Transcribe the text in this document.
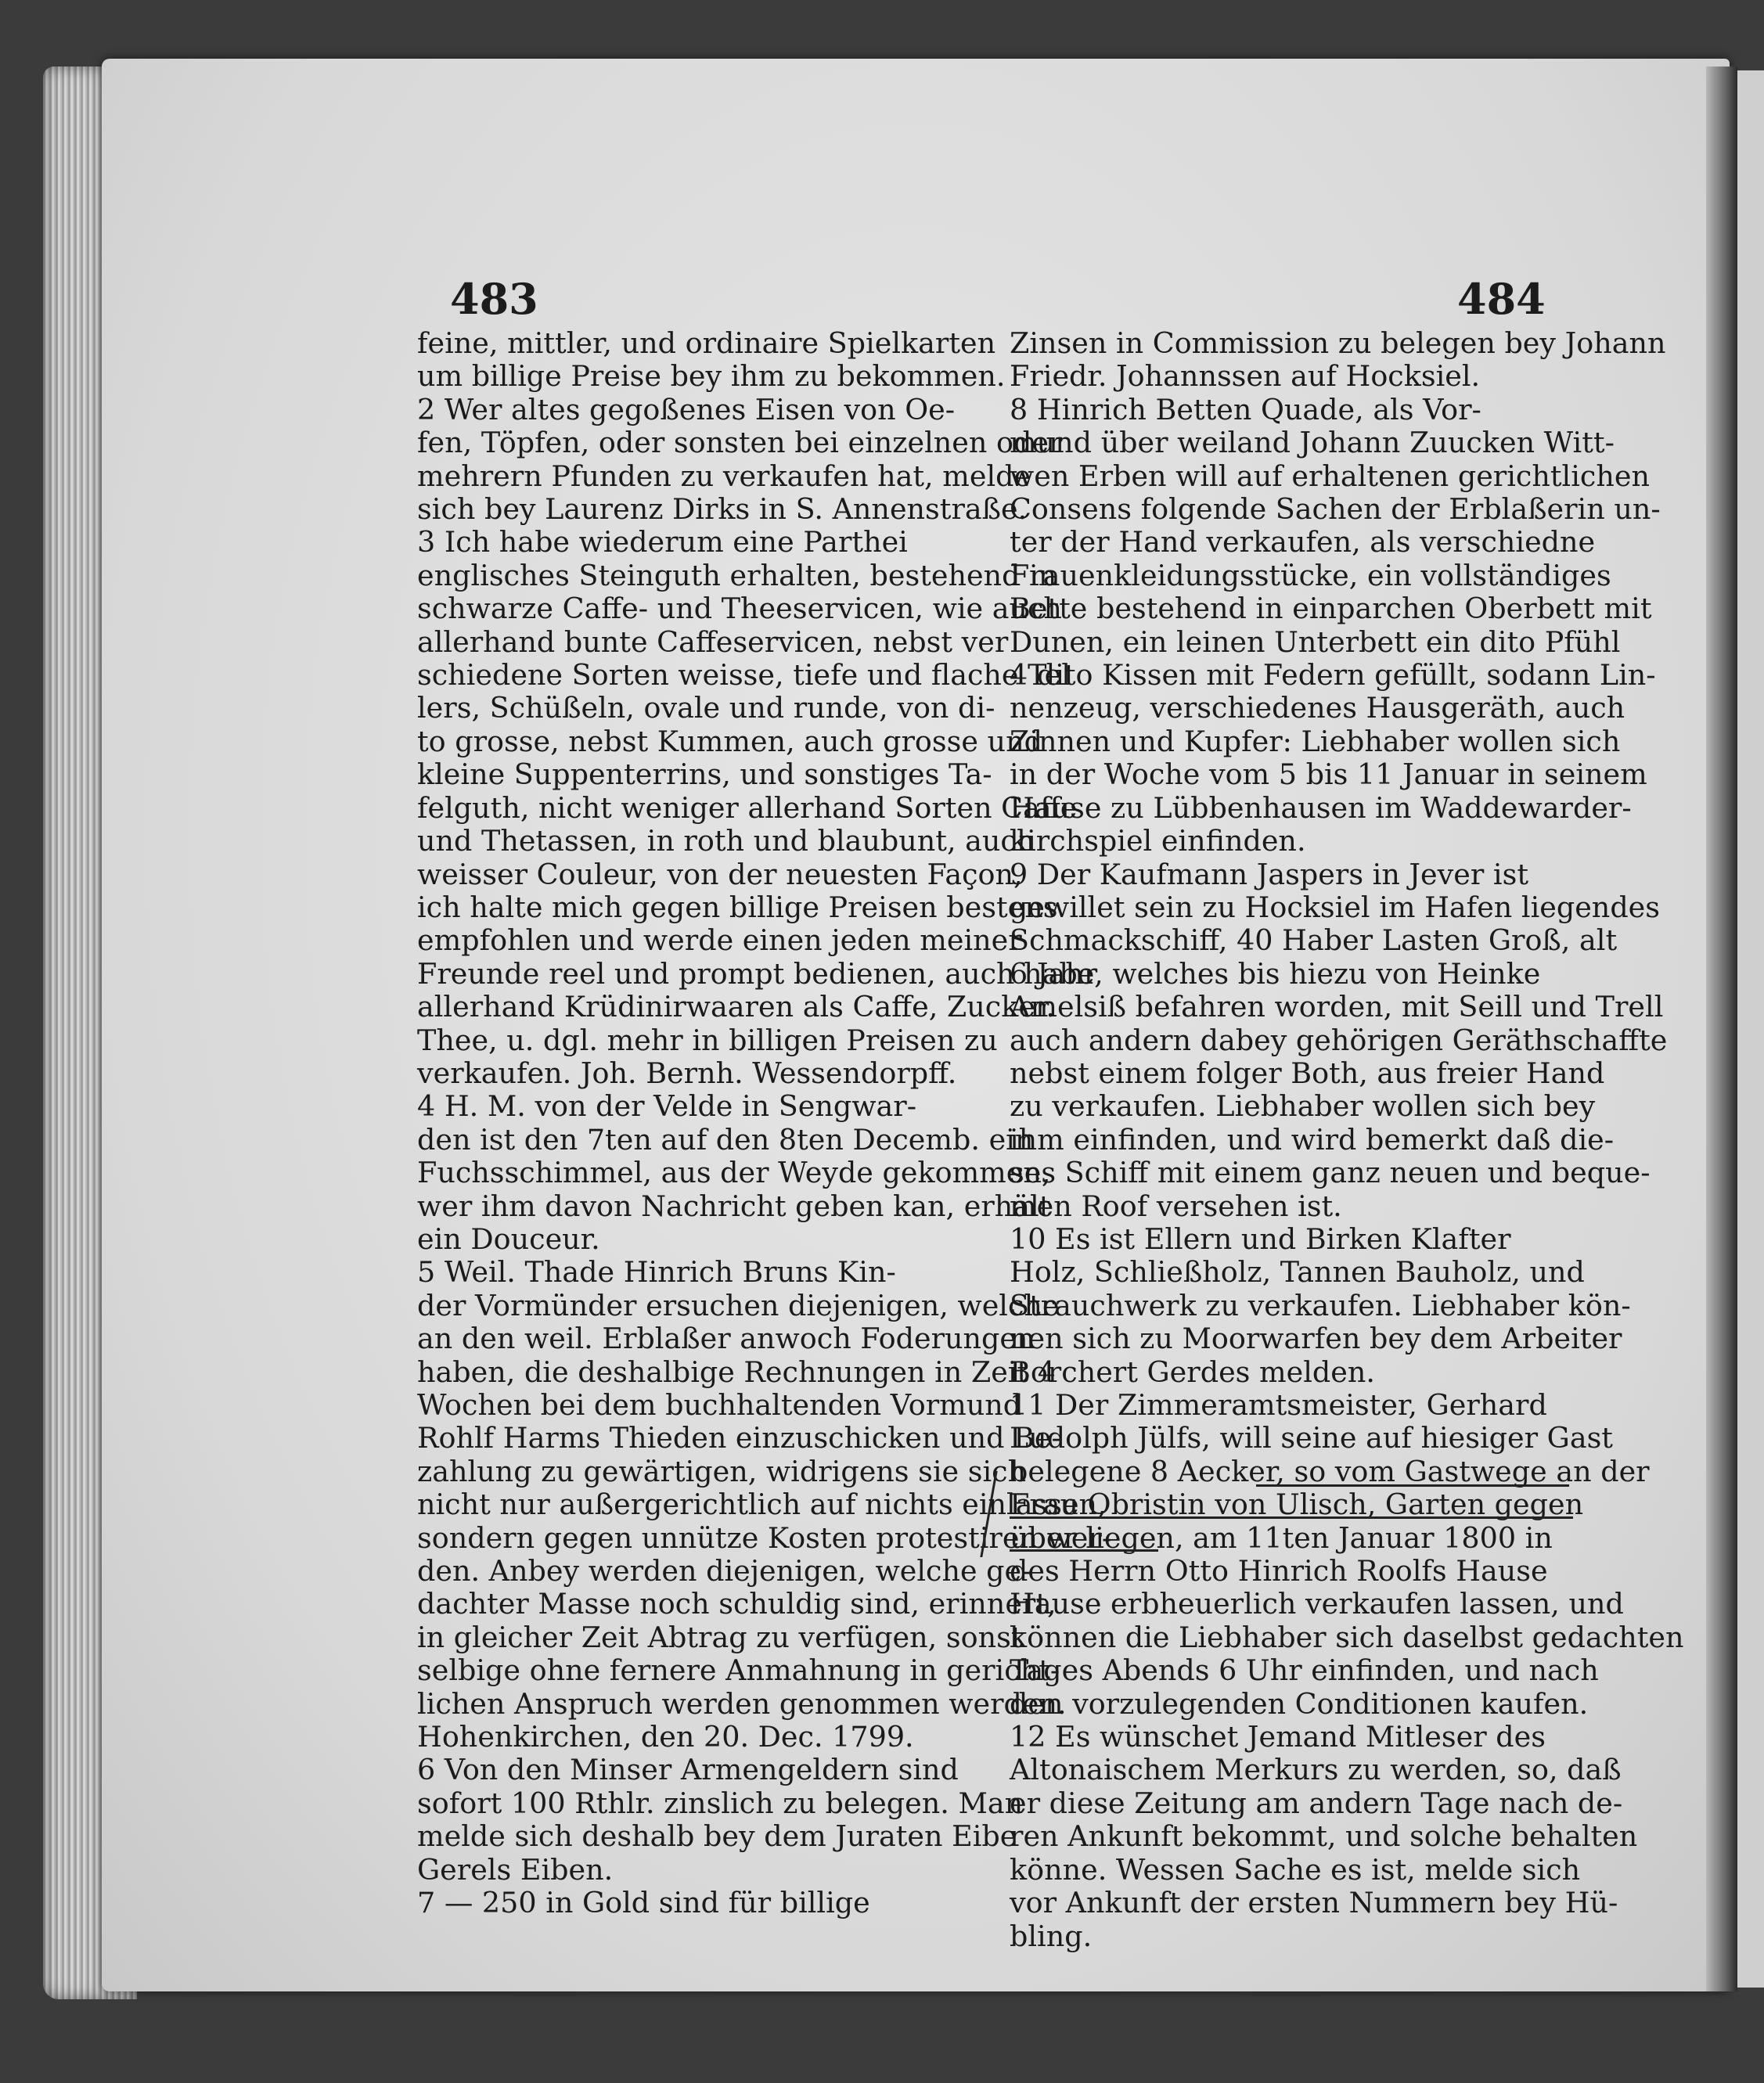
483	484
feine, mittler, und ordinaire Spielkarten
um billige Preise bey ihm zu bekommen.
2 Wer altes gegoßenes Eisen von Oe-
fen, Töpfen, oder sonsten bei einzelnen oder
mehrern Pfunden zu verkaufen hat, melde
sich bey Laurenz Dirks in S. Annenstraße.
3 Ich habe wiederum eine Parthei
englisches Steinguth erhalten, bestehend in
schwarze Caffe- und Theeservicen, wie auch
allerhand bunte Caffeservicen, nebst ver
schiedene Sorten weisse, tiefe und flache Tel
lers, Schüßeln, ovale und runde, von di-
to grosse, nebst Kummen, auch grosse und
kleine Suppenterrins, und sonstiges Ta-
felguth, nicht weniger allerhand Sorten Caffe
und Thetassen, in roth und blaubunt, auch
weisser Couleur, von der neuesten Façon,
ich halte mich gegen billige Preisen bestens
empfohlen und werde einen jeden meiner
Freunde reel und prompt bedienen, auch habe
allerhand Krüdinirwaaren als Caffe, Zucker.
Thee, u. dgl. mehr in billigen Preisen zu
verkaufen. Joh. Bernh. Wessendorpff.
4 H. M. von der Velde in Sengwar-
den ist den 7ten auf den 8ten Decemb. ein
Fuchsschimmel, aus der Weyde gekommen,
wer ihm davon Nachricht geben kan, erhält
ein Douceur.
5 Weil. Thade Hinrich Bruns Kin-
der Vormünder ersuchen diejenigen, welche
an den weil. Erblaßer anwoch Foderungen
haben, die deshalbige Rechnungen in Zeit 4
Wochen bei dem buchhaltenden Vormund
Rohlf Harms Thieden einzuschicken und Be-
zahlung zu gewärtigen, widrigens sie sich
nicht nur außergerichtlich auf nichts einlassen,
sondern gegen unnütze Kosten protestiren wer-
den. Anbey werden diejenigen, welche ge-
dachter Masse noch schuldig sind, erinnert,
in gleicher Zeit Abtrag zu verfügen, sonst
selbige ohne fernere Anmahnung in gericht-
lichen Anspruch werden genommen werden.
Hohenkirchen, den 20. Dec. 1799.
6 Von den Minser Armengeldern sind
sofort 100 Rthlr. zinslich zu belegen. Man
melde sich deshalb bey dem Juraten Eibe
Gerels Eiben.
7 — 250 in Gold sind für billige
Zinsen in Commission zu belegen bey Johann
Friedr. Johannssen auf Hocksiel.
8 Hinrich Betten Quade, als Vor-
mund über weiland Johann Zuucken Witt-
wen Erben will auf erhaltenen gerichtlichen
Consens folgende Sachen der Erblaßerin un-
ter der Hand verkaufen, als verschiedne
Frauenkleidungsstücke, ein vollständiges
Bette bestehend in einparchen Oberbett mit
Dunen, ein leinen Unterbett ein dito Pfühl
4 dito Kissen mit Federn gefüllt, sodann Lin-
nenzeug, verschiedenes Hausgeräth, auch
Zinnen und Kupfer: Liebhaber wollen sich
in der Woche vom 5 bis 11 Januar in seinem
Hause zu Lübbenhausen im Waddewarder-
kirchspiel einfinden.
9 Der Kaufmann Jaspers in Jever ist
gewillet sein zu Hocksiel im Hafen liegendes
Schmackschiff, 40 Haber Lasten Groß, alt
6 Jahr, welches bis hiezu von Heinke
Amelsiß befahren worden, mit Seill und Trell
auch andern dabey gehörigen Geräthschaffte
nebst einem folger Both, aus freier Hand
zu verkaufen. Liebhaber wollen sich bey
ihm einfinden, und wird bemerkt daß die-
ses Schiff mit einem ganz neuen und beque-
men Roof versehen ist.
10 Es ist Ellern und Birken Klafter
Holz, Schließholz, Tannen Bauholz, und
Strauchwerk zu verkaufen. Liebhaber kön-
nen sich zu Moorwarfen bey dem Arbeiter
Borchert Gerdes melden.
11 Der Zimmeramtsmeister, Gerhard
Ludolph Jülfs, will seine auf hiesiger Gast
belegene 8 Aecker, so vom Gastwege an der
Frau Obristin von Ulisch, Garten gegen
über liegen, am 11ten Januar 1800 in
des Herrn Otto Hinrich Roolfs Hause
Hause erbheuerlich verkaufen lassen, und
können die Liebhaber sich daselbst gedachten
Tages Abends 6 Uhr einfinden, und nach
den vorzulegenden Conditionen kaufen.
12 Es wünschet Jemand Mitleser des
Altonaischem Merkurs zu werden, so, daß
er diese Zeitung am andern Tage nach de-
ren Ankunft bekommt, und solche behalten
könne. Wessen Sache es ist, melde sich
vor Ankunft der ersten Nummern bey Hü-
bling.
